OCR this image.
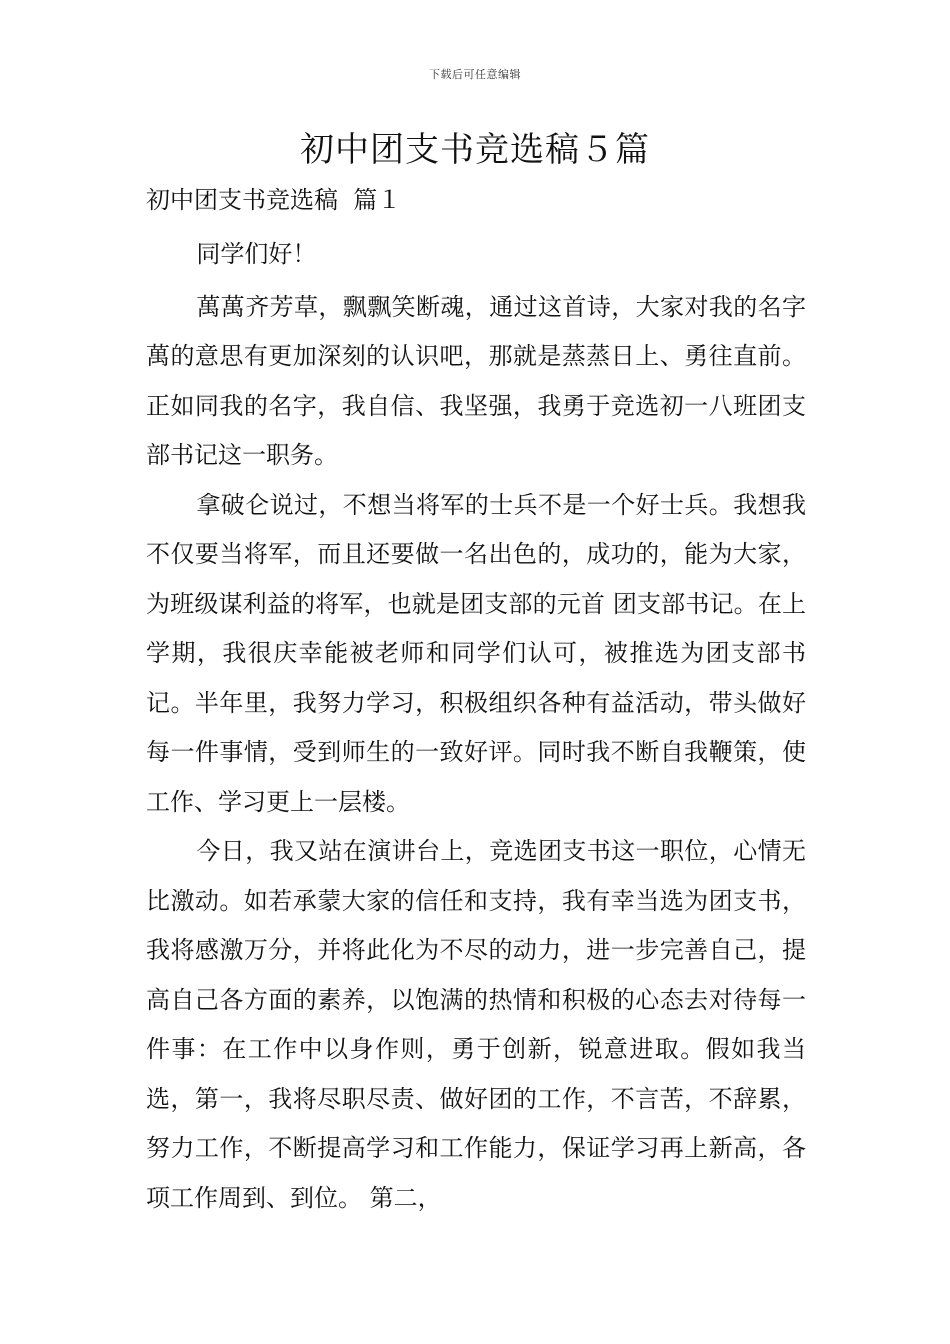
下载后可任意编辑
初中团支书竞选稿５篇
初中团支书竞选稿  篇１

同学们好！

萬萬齐芳草，飘飘笑断魂，通过这首诗，大家对我的名字萬的意思有更加深刻的认识吧，那就是蒸蒸日上、勇往直前。正如同我的名字，我自信、我坚强，我勇于竞选初一八班团支部书记这一职务。

拿破仑说过，不想当将军的士兵不是一个好士兵。我想我不仅要当将军，而且还要做一名出色的，成功的，能为大家，为班级谋利益的将军，也就是团支部的元首 团支部书记。在上学期，我很庆幸能被老师和同学们认可，被推选为团支部书记。半年里，我努力学习，积极组织各种有益活动，带头做好每一件事情，受到师生的一致好评。同时我不断自我鞭策，使工作、学习更上一层楼。

今日，我又站在演讲台上，竞选团支书这一职位，心情无比激动。如若承蒙大家的信任和支持，我有幸当选为团支书，我将感激万分，并将此化为不尽的动力，进一步完善自己，提高自己各方面的素养，以饱满的热情和积极的心态去对待每一件事：在工作中以身作则，勇于创新，锐意进取。假如我当选，第一，我将尽职尽责、做好团的工作，不言苦，不辞累，努力工作，不断提高学习和工作能力，保证学习再上新高，各项工作周到、到位。 第二，
